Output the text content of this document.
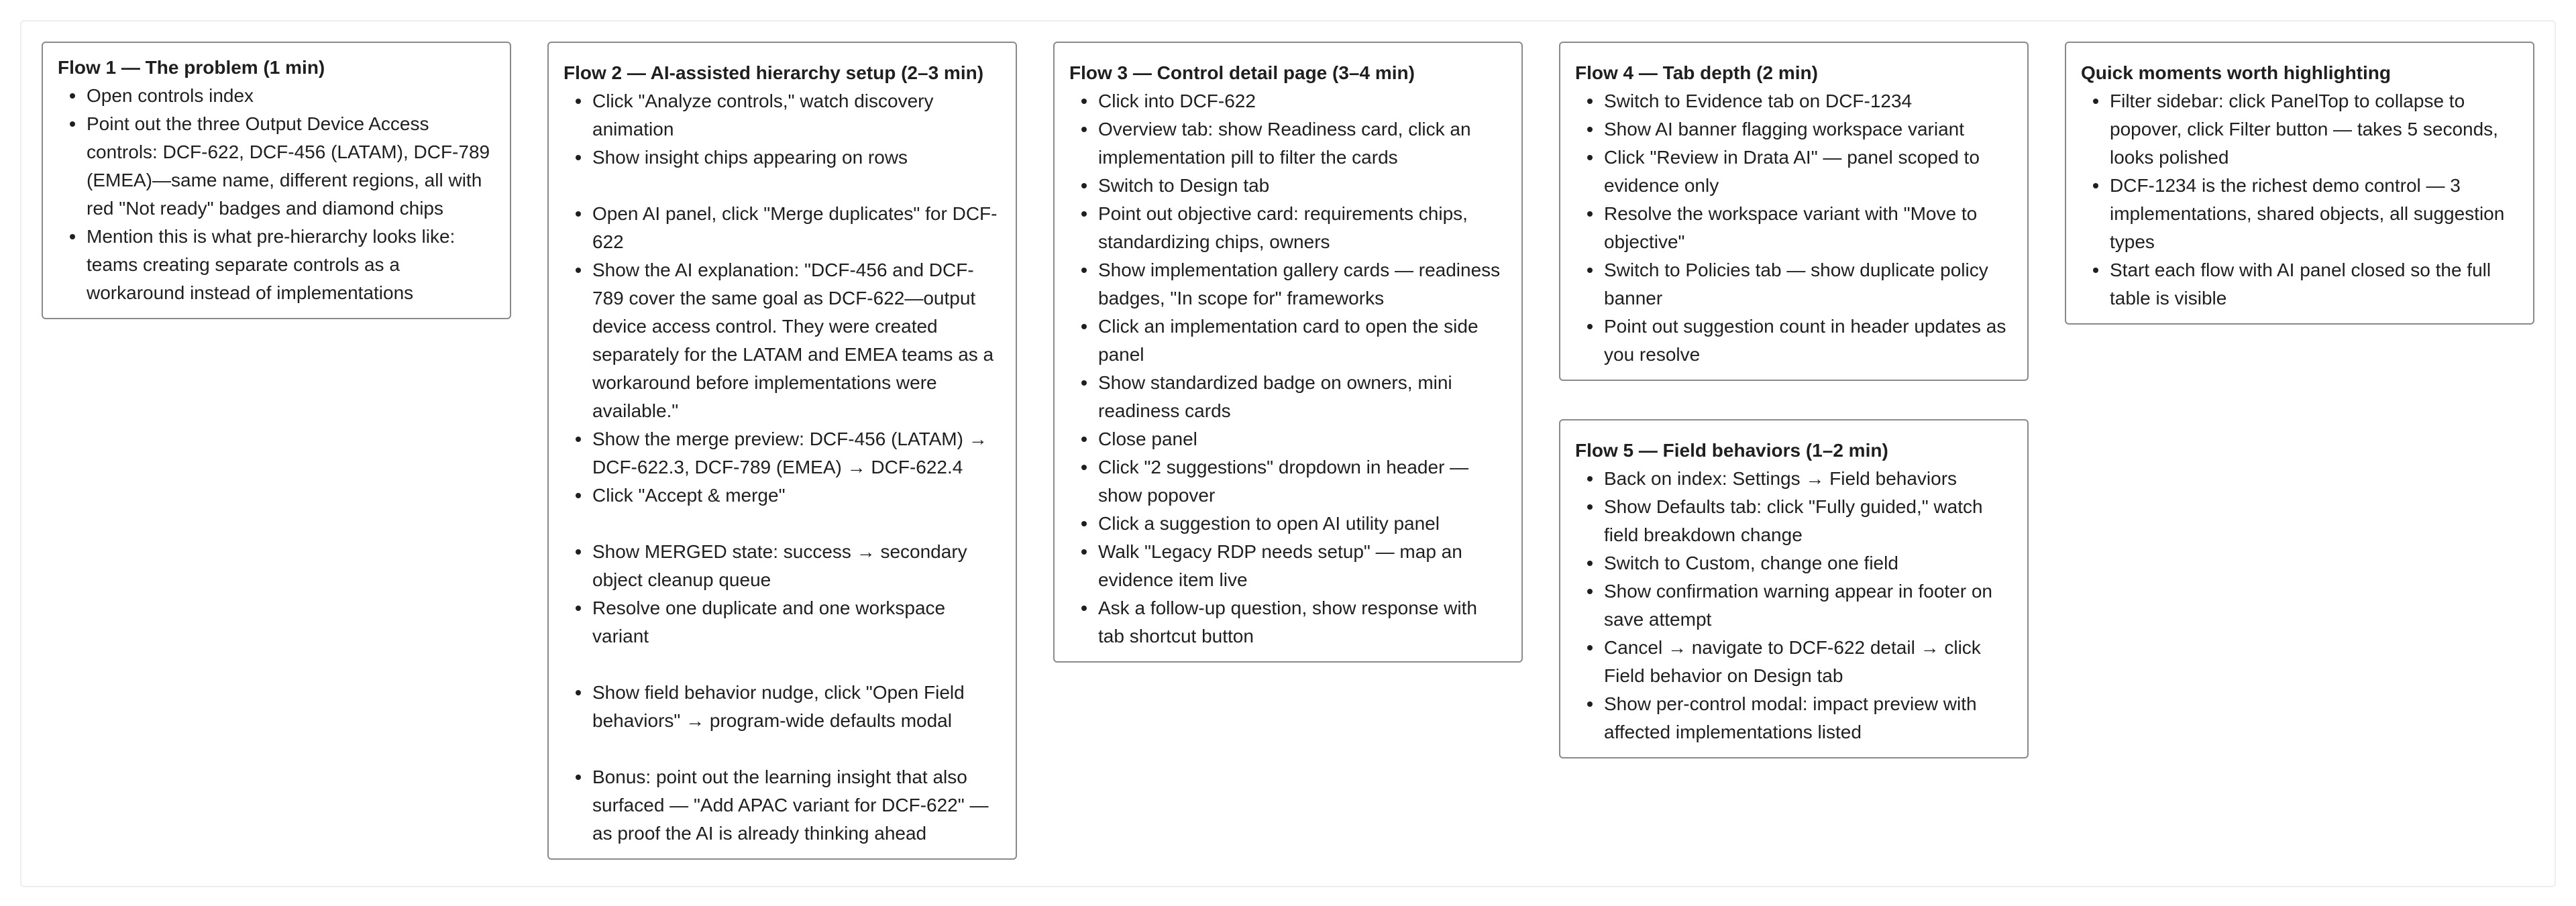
Flow 1 — The problem (1 min)
Open controls index
Point out the three Output Device Access controls: DCF-622, DCF-456 (LATAM), DCF-789 (EMEA)—same name, different regions, all with red "Not ready" badges and diamond chips
Mention this is what pre-hierarchy looks like: teams creating separate controls as a workaround instead of implementations
Flow 2 — AI-assisted hierarchy setup (2–3 min)
Click "Analyze controls," watch discovery animation
Show insight chips appearing on rows
Open AI panel, click "Merge duplicates" for DCF-622
Show the AI explanation: "DCF-456 and DCF-789 cover the same goal as DCF-622—output device access control. They were created separately for the LATAM and EMEA teams as a workaround before implementations were available."
Show the merge preview: DCF-456 (LATAM) → DCF-622.3, DCF-789 (EMEA) → DCF-622.4
Click "Accept & merge"
Show MERGED state: success → secondary object cleanup queue
Resolve one duplicate and one workspace variant
Show field behavior nudge, click "Open Field behaviors" → program-wide defaults modal
Bonus: point out the learning insight that also surfaced — "Add APAC variant for DCF-622" — as proof the AI is already thinking ahead
Flow 3 — Control detail page (3–4 min)
Click into DCF-622
Overview tab: show Readiness card, click an implementation pill to filter the cards
Switch to Design tab
Point out objective card: requirements chips, standardizing chips, owners
Show implementation gallery cards — readiness badges, "In scope for" frameworks
Click an implementation card to open the side panel
Show standardized badge on owners, mini readiness cards
Close panel
Click "2 suggestions" dropdown in header — show popover
Click a suggestion to open AI utility panel
Walk "Legacy RDP needs setup" — map an evidence item live
Ask a follow-up question, show response with tab shortcut button
Flow 4 — Tab depth (2 min)
Switch to Evidence tab on DCF-1234
Show AI banner flagging workspace variant
Click "Review in Drata AI" — panel scoped to evidence only
Resolve the workspace variant with "Move to objective"
Switch to Policies tab — show duplicate policy banner
Point out suggestion count in header updates as you resolve
Flow 5 — Field behaviors (1–2 min)
Back on index: Settings → Field behaviors
Show Defaults tab: click "Fully guided," watch field breakdown change
Switch to Custom, change one field
Show confirmation warning appear in footer on save attempt
Cancel → navigate to DCF-622 detail → click Field behavior on Design tab
Show per-control modal: impact preview with affected implementations listed
Quick moments worth highlighting
Filter sidebar: click PanelTop to collapse to popover, click Filter button — takes 5 seconds, looks polished
DCF-1234 is the richest demo control — 3 implementations, shared objects, all suggestion types
Start each flow with AI panel closed so the full table is visible
